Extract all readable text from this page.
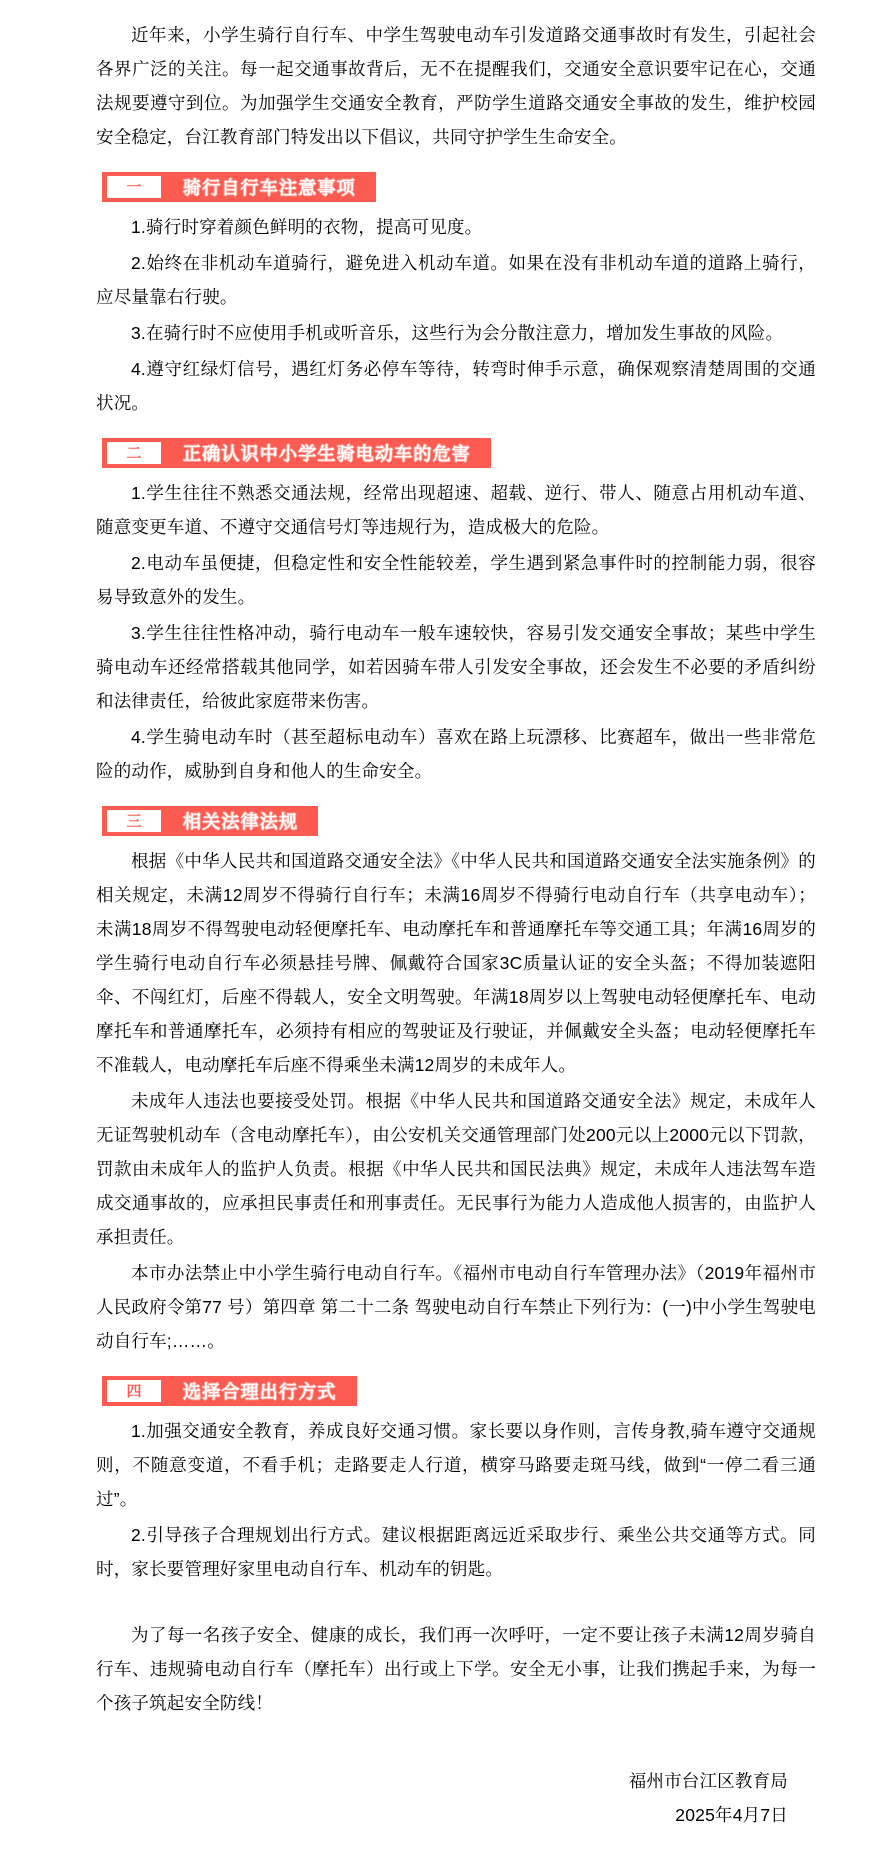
近年来，小学生骑行自行车、中学生驾驶电动车引发道路交通事故时有发生，引起社会各界广泛的关注。每一起交通事故背后，无不在提醒我们，交通安全意识要牢记在心，交通法规要遵守到位。为加强学生交通安全教育，严防学生道路交通安全事故的发生，维护校园安全稳定，台江教育部门特发出以下倡议，共同守护学生生命安全。

一	骑行自行车注意事项

1.骑行时穿着颜色鲜明的衣物，提高可见度。

2.始终在非机动车道骑行，避免进入机动车道。如果在没有非机动车道的道路上骑行，应尽量靠右行驶。

3.在骑行时不应使用手机或听音乐，这些行为会分散注意力，增加发生事故的风险。

4.遵守红绿灯信号，遇红灯务必停车等待，转弯时伸手示意，确保观察清楚周围的交通状况。

二	正确认识中小学生骑电动车的危害

1.学生往往不熟悉交通法规，经常出现超速、超载、逆行、带人、随意占用机动车道、随意变更车道、不遵守交通信号灯等违规行为，造成极大的危险。

2.电动车虽便捷，但稳定性和安全性能较差，学生遇到紧急事件时的控制能力弱，很容易导致意外的发生。

3.学生往往性格冲动，骑行电动车一般车速较快，容易引发交通安全事故；某些中学生骑电动车还经常搭载其他同学，如若因骑车带人引发安全事故，还会发生不必要的矛盾纠纷和法律责任，给彼此家庭带来伤害。

4.学生骑电动车时（甚至超标电动车）喜欢在路上玩漂移、比赛超车，做出一些非常危险的动作，威胁到自身和他人的生命安全。

三	相关法律法规

根据《中华人民共和国道路交通安全法》《中华人民共和国道路交通安全法实施条例》的相关规定，未满12周岁不得骑行自行车；未满16周岁不得骑行电动自行车（共享电动车）；未满18周岁不得驾驶电动轻便摩托车、电动摩托车和普通摩托车等交通工具；年满16周岁的学生骑行电动自行车必须悬挂号牌、佩戴符合国家3C质量认证的安全头盔；不得加装遮阳伞、不闯红灯，后座不得载人，安全文明驾驶。年满18周岁以上驾驶电动轻便摩托车、电动摩托车和普通摩托车，必须持有相应的驾驶证及行驶证，并佩戴安全头盔；电动轻便摩托车不准载人，电动摩托车后座不得乘坐未满12周岁的未成年人。

未成年人违法也要接受处罚。根据《中华人民共和国道路交通安全法》规定，未成年人无证驾驶机动车（含电动摩托车），由公安机关交通管理部门处200元以上2000元以下罚款，罚款由未成年人的监护人负责。根据《中华人民共和国民法典》规定，未成年人违法驾车造成交通事故的，应承担民事责任和刑事责任。无民事行为能力人造成他人损害的，由监护人承担责任。

本市办法禁止中小学生骑行电动自行车。《福州市电动自行车管理办法》（2019年福州市人民政府令第77 号）第四章 第二十二条 驾驶电动自行车禁止下列行为：(一)中小学生驾驶电动自行车;……。

四	选择合理出行方式

1.加强交通安全教育，养成良好交通习惯。家长要以身作则，言传身教,骑车遵守交通规则，不随意变道，不看手机；走路要走人行道，横穿马路要走斑马线，做到“一停二看三通过”。

2.引导孩子合理规划出行方式。建议根据距离远近采取步行、乘坐公共交通等方式。同时，家长要管理好家里电动自行车、机动车的钥匙。

为了每一名孩子安全、健康的成长，我们再一次呼吁，一定不要让孩子未满12周岁骑自行车、违规骑电动自行车（摩托车）出行或上下学。安全无小事，让我们携起手来，为每一个孩子筑起安全防线！

福州市台江区教育局
2025年4月7日
